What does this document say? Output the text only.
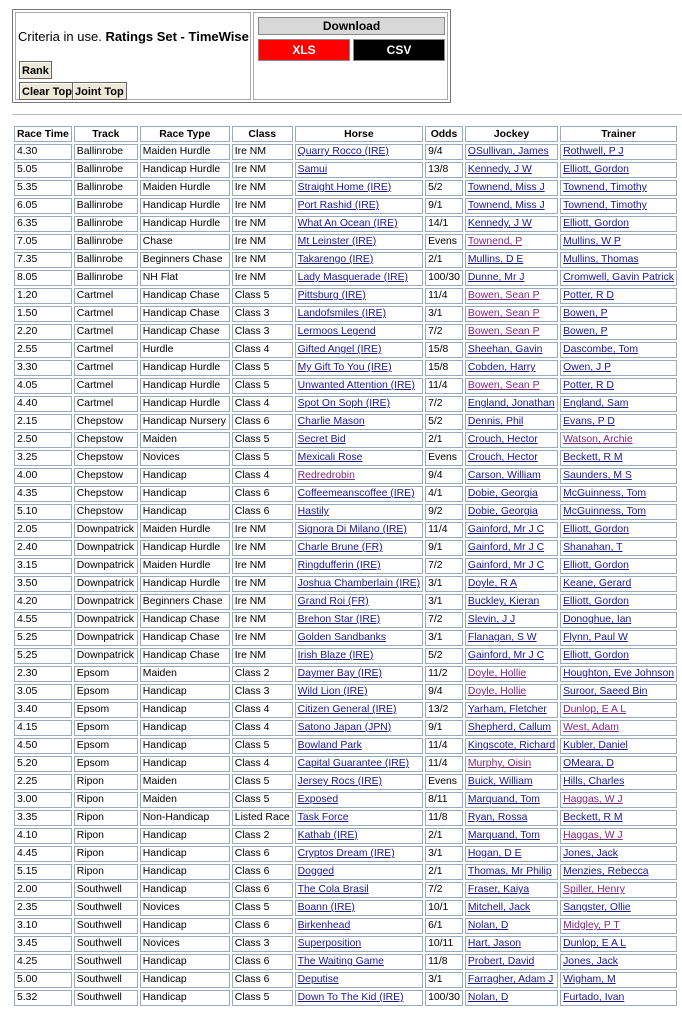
Criteria in use. Ratings Set - TimeWise
Rank
Clear Top Joint Top
Download
XLS	CSV
Race Time	Track	Race Type	Class	Horse	Odds	Jockey	Trainer
4.30	Ballinrobe	Maiden Hurdle	Ire NM	Quarry Rocco (IRE)	9/4	OSullivan, James	Rothwell, P J
5.05	Ballinrobe	Handicap Hurdle	Ire NM	Samui	13/8	Kennedy, J W	Elliott, Gordon
5.35	Ballinrobe	Maiden Hurdle	Ire NM	Straight Home (IRE)	5/2	Townend, Miss J	Townend, Timothy
6.05	Ballinrobe	Handicap Hurdle	Ire NM	Port Rashid (IRE)	9/1	Townend, Miss J	Townend, Timothy
6.35	Ballinrobe	Handicap Hurdle	Ire NM	What An Ocean (IRE)	14/1	Kennedy, J W	Elliott, Gordon
7.05	Ballinrobe	Chase	Ire NM	Mt Leinster (IRE)	Evens	Townend, P	Mullins, W P
7.35	Ballinrobe	Beginners Chase	Ire NM	Takarengo (IRE)	2/1	Mullins, D E	Mullins, Thomas
8.05	Ballinrobe	NH Flat	Ire NM	Lady Masquerade (IRE)	100/30	Dunne, Mr J	Cromwell, Gavin Patrick
1.20	Cartmel	Handicap Chase	Class 5	Pittsburg (IRE)	11/4	Bowen, Sean P	Potter, R D
1.50	Cartmel	Handicap Chase	Class 3	Landofsmiles (IRE)	3/1	Bowen, Sean P	Bowen, P
2.20	Cartmel	Handicap Chase	Class 3	Lermoos Legend	7/2	Bowen, Sean P	Bowen, P
2.55	Cartmel	Hurdle	Class 4	Gifted Angel (IRE)	15/8	Sheehan, Gavin	Dascombe, Tom
3.30	Cartmel	Handicap Hurdle	Class 5	My Gift To You (IRE)	15/8	Cobden, Harry	Owen, J P
4.05	Cartmel	Handicap Hurdle	Class 5	Unwanted Attention (IRE)	11/4	Bowen, Sean P	Potter, R D
4.40	Cartmel	Handicap Hurdle	Class 4	Spot On Soph (IRE)	7/2	England, Jonathan	England, Sam
2.15	Chepstow	Handicap Nursery	Class 6	Charlie Mason	5/2	Dennis, Phil	Evans, P D
2.50	Chepstow	Maiden	Class 5	Secret Bid	2/1	Crouch, Hector	Watson, Archie
3.25	Chepstow	Novices	Class 5	Mexicali Rose	Evens	Crouch, Hector	Beckett, R M
4.00	Chepstow	Handicap	Class 4	Redredrobin	9/4	Carson, William	Saunders, M S
4.35	Chepstow	Handicap	Class 6	Coffeemeanscoffee (IRE)	4/1	Dobie, Georgia	McGuinness, Tom
5.10	Chepstow	Handicap	Class 6	Hastily	9/2	Dobie, Georgia	McGuinness, Tom
2.05	Downpatrick	Maiden Hurdle	Ire NM	Signora Di Milano (IRE)	11/4	Gainford, Mr J C	Elliott, Gordon
2.40	Downpatrick	Handicap Hurdle	Ire NM	Charle Brune (FR)	9/1	Gainford, Mr J C	Shanahan, T
3.15	Downpatrick	Maiden Hurdle	Ire NM	Ringdufferin (IRE)	7/2	Gainford, Mr J C	Elliott, Gordon
3.50	Downpatrick	Handicap Hurdle	Ire NM	Joshua Chamberlain (IRE)	3/1	Doyle, R A	Keane, Gerard
4.20	Downpatrick	Beginners Chase	Ire NM	Grand Roi (FR)	3/1	Buckley, Kieran	Elliott, Gordon
4.55	Downpatrick	Handicap Chase	Ire NM	Brehon Star (IRE)	7/2	Slevin, J J	Donoghue, Ian
5.25	Downpatrick	Handicap Chase	Ire NM	Golden Sandbanks	3/1	Flanagan, S W	Flynn, Paul W
5.25	Downpatrick	Handicap Chase	Ire NM	Irish Blaze (IRE)	5/2	Gainford, Mr J C	Elliott, Gordon
2.30	Epsom	Maiden	Class 2	Daymer Bay (IRE)	11/2	Doyle, Hollie	Houghton, Eve Johnson
3.05	Epsom	Handicap	Class 3	Wild Lion (IRE)	9/4	Doyle, Hollie	Suroor, Saeed Bin
3.40	Epsom	Handicap	Class 4	Citizen General (IRE)	13/2	Yarham, Fletcher	Dunlop, E A L
4.15	Epsom	Handicap	Class 4	Satono Japan (JPN)	9/1	Shepherd, Callum	West, Adam
4.50	Epsom	Handicap	Class 5	Bowland Park	11/4	Kingscote, Richard	Kubler, Daniel
5.20	Epsom	Handicap	Class 4	Capital Guarantee (IRE)	11/4	Murphy, Oisin	OMeara, D
2.25	Ripon	Maiden	Class 5	Jersey Rocs (IRE)	Evens	Buick, William	Hills, Charles
3.00	Ripon	Maiden	Class 5	Exposed	8/11	Marquand, Tom	Haggas, W J
3.35	Ripon	Non-Handicap	Listed Race	Task Force	11/8	Ryan, Rossa	Beckett, R M
4.10	Ripon	Handicap	Class 2	Kathab (IRE)	2/1	Marquand, Tom	Haggas, W J
4.45	Ripon	Handicap	Class 6	Cryptos Dream (IRE)	3/1	Hogan, D E	Jones, Jack
5.15	Ripon	Handicap	Class 6	Dogged	2/1	Thomas, Mr Philip	Menzies, Rebecca
2.00	Southwell	Handicap	Class 6	The Cola Brasil	7/2	Fraser, Kaiya	Spiller, Henry
2.35	Southwell	Novices	Class 5	Boann (IRE)	10/1	Mitchell, Jack	Sangster, Ollie
3.10	Southwell	Handicap	Class 6	Birkenhead	6/1	Nolan, D	Midgley, P T
3.45	Southwell	Novices	Class 3	Superposition	10/11	Hart, Jason	Dunlop, E A L
4.25	Southwell	Handicap	Class 6	The Waiting Game	11/8	Probert, David	Jones, Jack
5.00	Southwell	Handicap	Class 6	Deputise	3/1	Farragher, Adam J	Wigham, M
5.32	Southwell	Handicap	Class 5	Down To The Kid (IRE)	100/30	Nolan, D	Furtado, Ivan
